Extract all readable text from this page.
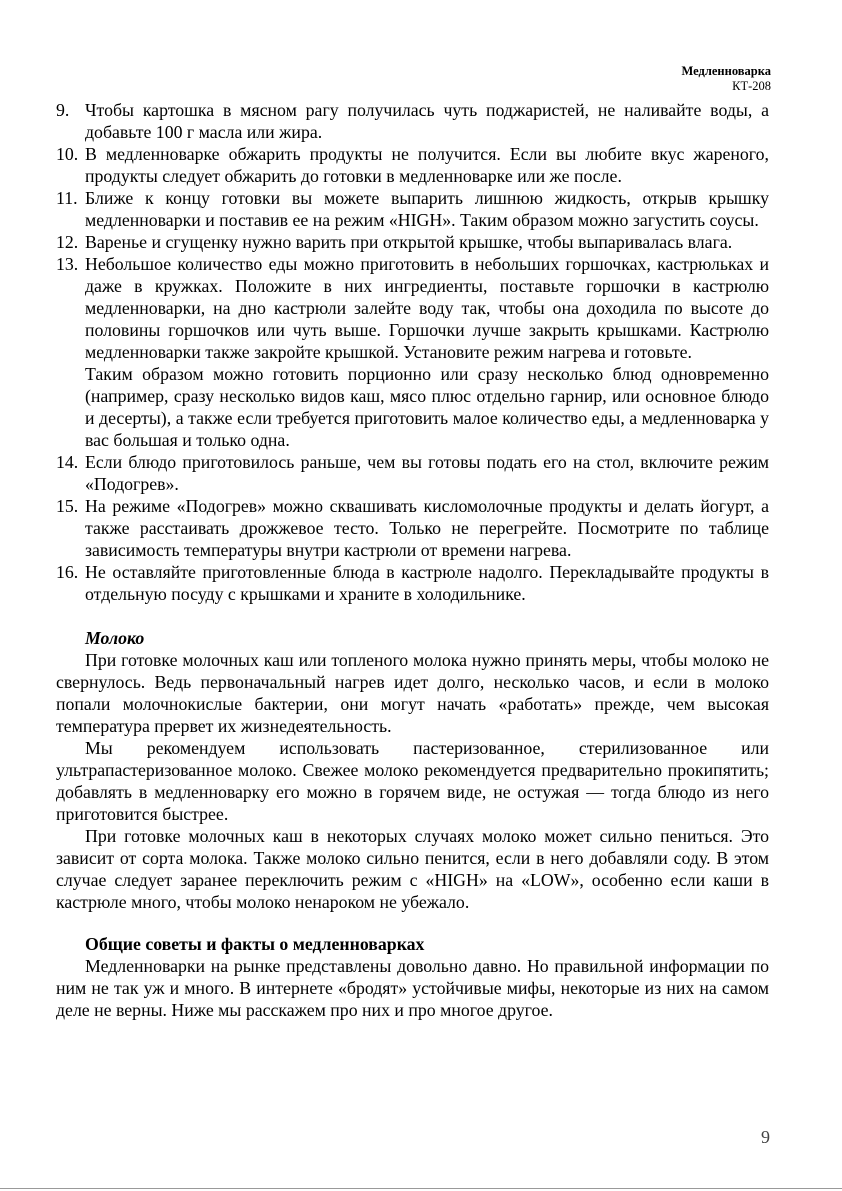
Медленноварка
КТ-208
9. Чтобы картошка в мясном рагу получилась чуть поджаристей, не наливайте воды, а добавьте 100 г масла или жира.
10. В медленноварке обжарить продукты не получится. Если вы любите вкус жареного, продукты следует обжарить до готовки в медленноварке или же после.
11. Ближе к концу готовки вы можете выпарить лишнюю жидкость, открыв крышку медленноварки и поставив ее на режим «HIGH». Таким образом можно загустить соусы.
12. Варенье и сгущенку нужно варить при открытой крышке, чтобы выпаривалась влага.
13. Небольшое количество еды можно приготовить в небольших горшочках, кастрюльках и даже в кружках. Положите в них ингредиенты, поставьте горшочки в кастрюлю медленноварки, на дно кастрюли залейте воду так, чтобы она доходила по высоте до половины горшочков или чуть выше. Горшочки лучше закрыть крышками. Кастрюлю медленноварки также закройте крышкой. Установите режим нагрева и готовьте.
Таким образом можно готовить порционно или сразу несколько блюд одновременно (например, сразу несколько видов каш, мясо плюс отдельно гарнир, или основное блюдо и десерты), а также если требуется приготовить малое количество еды, а медленноварка у вас большая и только одна.
14. Если блюдо приготовилось раньше, чем вы готовы подать его на стол, включите режим «Подогрев».
15. На режиме «Подогрев» можно сквашивать кисломолочные продукты и делать йогурт, а также расстаивать дрожжевое тесто. Только не перегрейте. Посмотрите по таблице зависимость температуры внутри кастрюли от времени нагрева.
16. Не оставляйте приготовленные блюда в кастрюле надолго. Перекладывайте продукты в отдельную посуду с крышками и храните в холодильнике.
Молоко

При готовке молочных каш или топленого молока нужно принять меры, чтобы молоко не свернулось. Ведь первоначальный нагрев идет долго, несколько часов, и если в молоко попали молочнокислые бактерии, они могут начать «работать» прежде, чем высокая температура прервет их жизнедеятельность.

Мы рекомендуем использовать пастеризованное, стерилизованное или ультрапастеризованное молоко. Свежее молоко рекомендуется предварительно прокипятить; добавлять в медленноварку его можно в горячем виде, не остужая — тогда блюдо из него приготовится быстрее.

При готовке молочных каш в некоторых случаях молоко может сильно пениться. Это зависит от сорта молока. Также молоко сильно пенится, если в него добавляли соду. В этом случае следует заранее переключить режим с «HIGH» на «LOW», особенно если каши в кастрюле много, чтобы молоко ненароком не убежало.

Общие советы и факты о медленноварках

Медленноварки на рынке представлены довольно давно. Но правильной информации по ним не так уж и много. В интернете «бродят» устойчивые мифы, некоторые из них на самом деле не верны. Ниже мы расскажем про них и про многое другое.

9
